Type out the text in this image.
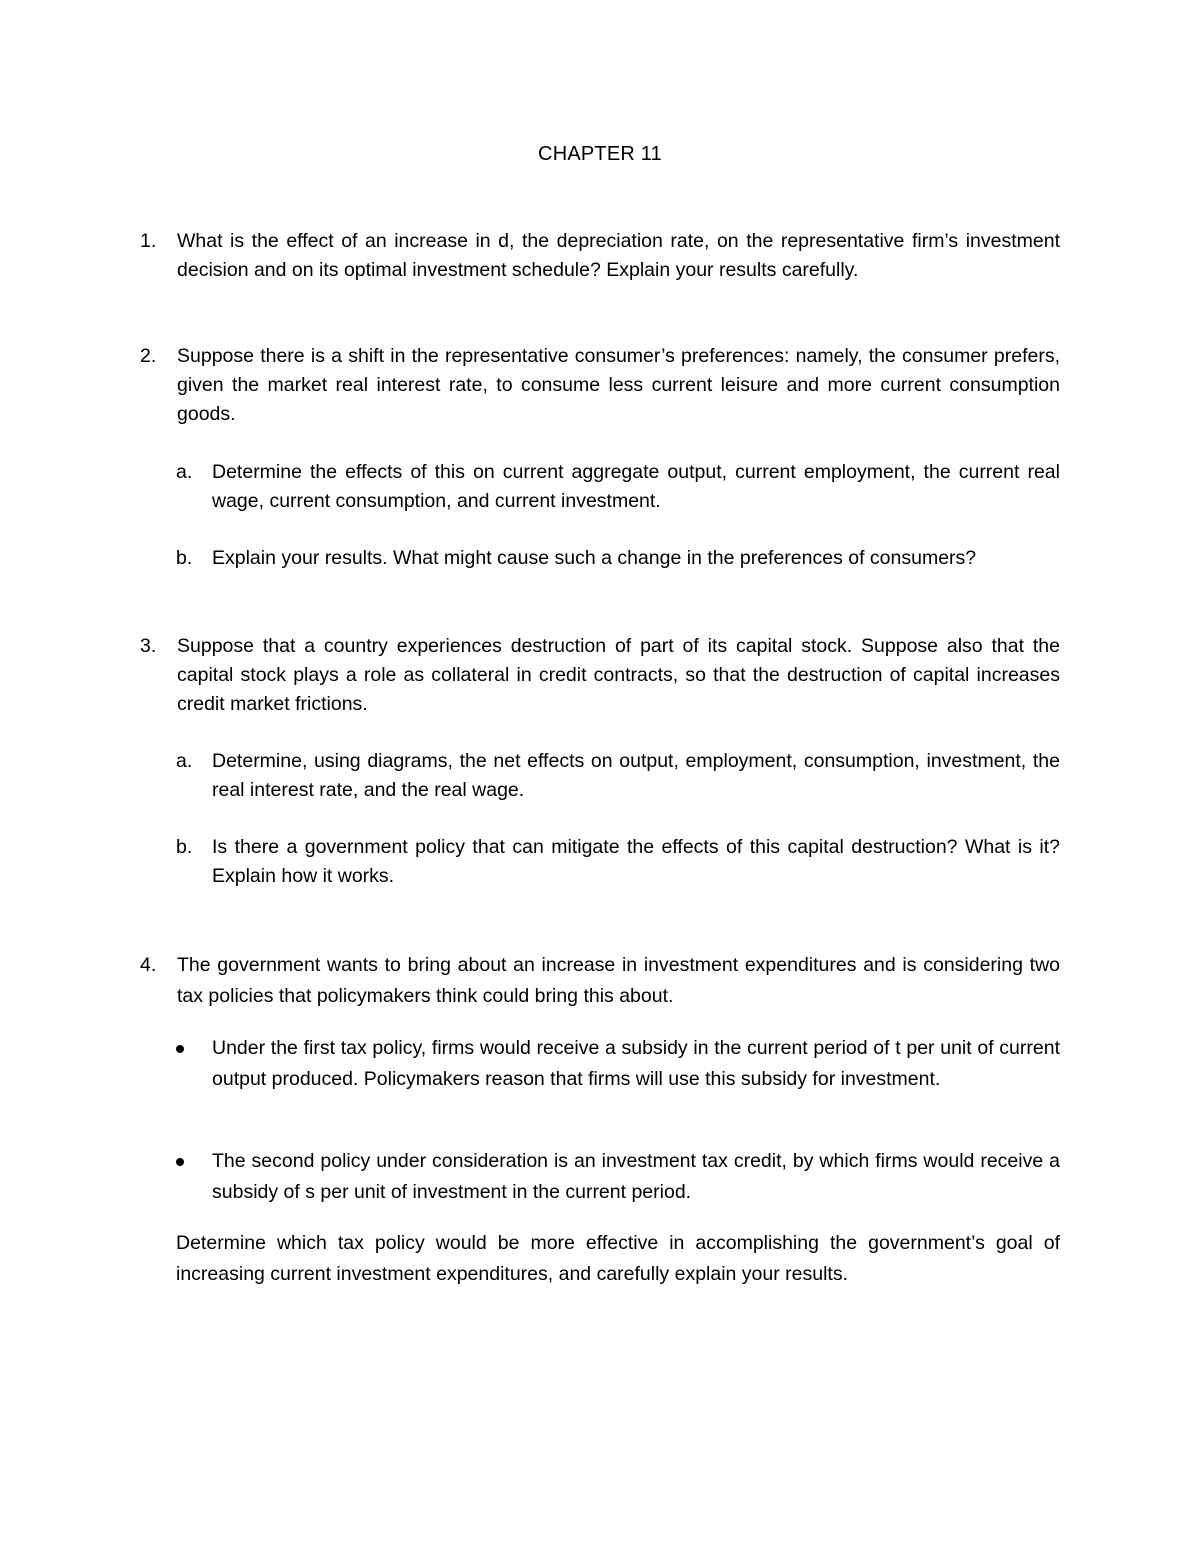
CHAPTER 11
1.	What is the effect of an increase in d, the depreciation rate, on the representative firm’s investment decision and on its optimal investment schedule? Explain your results carefully.
2.	Suppose there is a shift in the representative consumer’s preferences: namely, the consumer prefers, given the market real interest rate, to consume less current leisure and more current consumption goods.
a.	Determine the effects of this on current aggregate output, current employment, the current real wage, current consumption, and current investment.
b.	Explain your results. What might cause such a change in the preferences of consumers?
3.	Suppose that a country experiences destruction of part of its capital stock. Suppose also that the capital stock plays a role as collateral in credit contracts, so that the destruction of capital increases credit market frictions.
a.	Determine, using diagrams, the net effects on output, employment, consumption, investment, the real interest rate, and the real wage.
b.	Is there a government policy that can mitigate the effects of this capital destruction? What is it? Explain how it works.
4.	The government wants to bring about an increase in investment expenditures and is considering two tax policies that policymakers think could bring this about.
Under the first tax policy, firms would receive a subsidy in the current period of t per unit of current output produced. Policymakers reason that firms will use this subsidy for investment.
The second policy under consideration is an investment tax credit, by which firms would receive a subsidy of s per unit of investment in the current period.
Determine which tax policy would be more effective in accomplishing the government’s goal of increasing current investment expenditures, and carefully explain your results.
